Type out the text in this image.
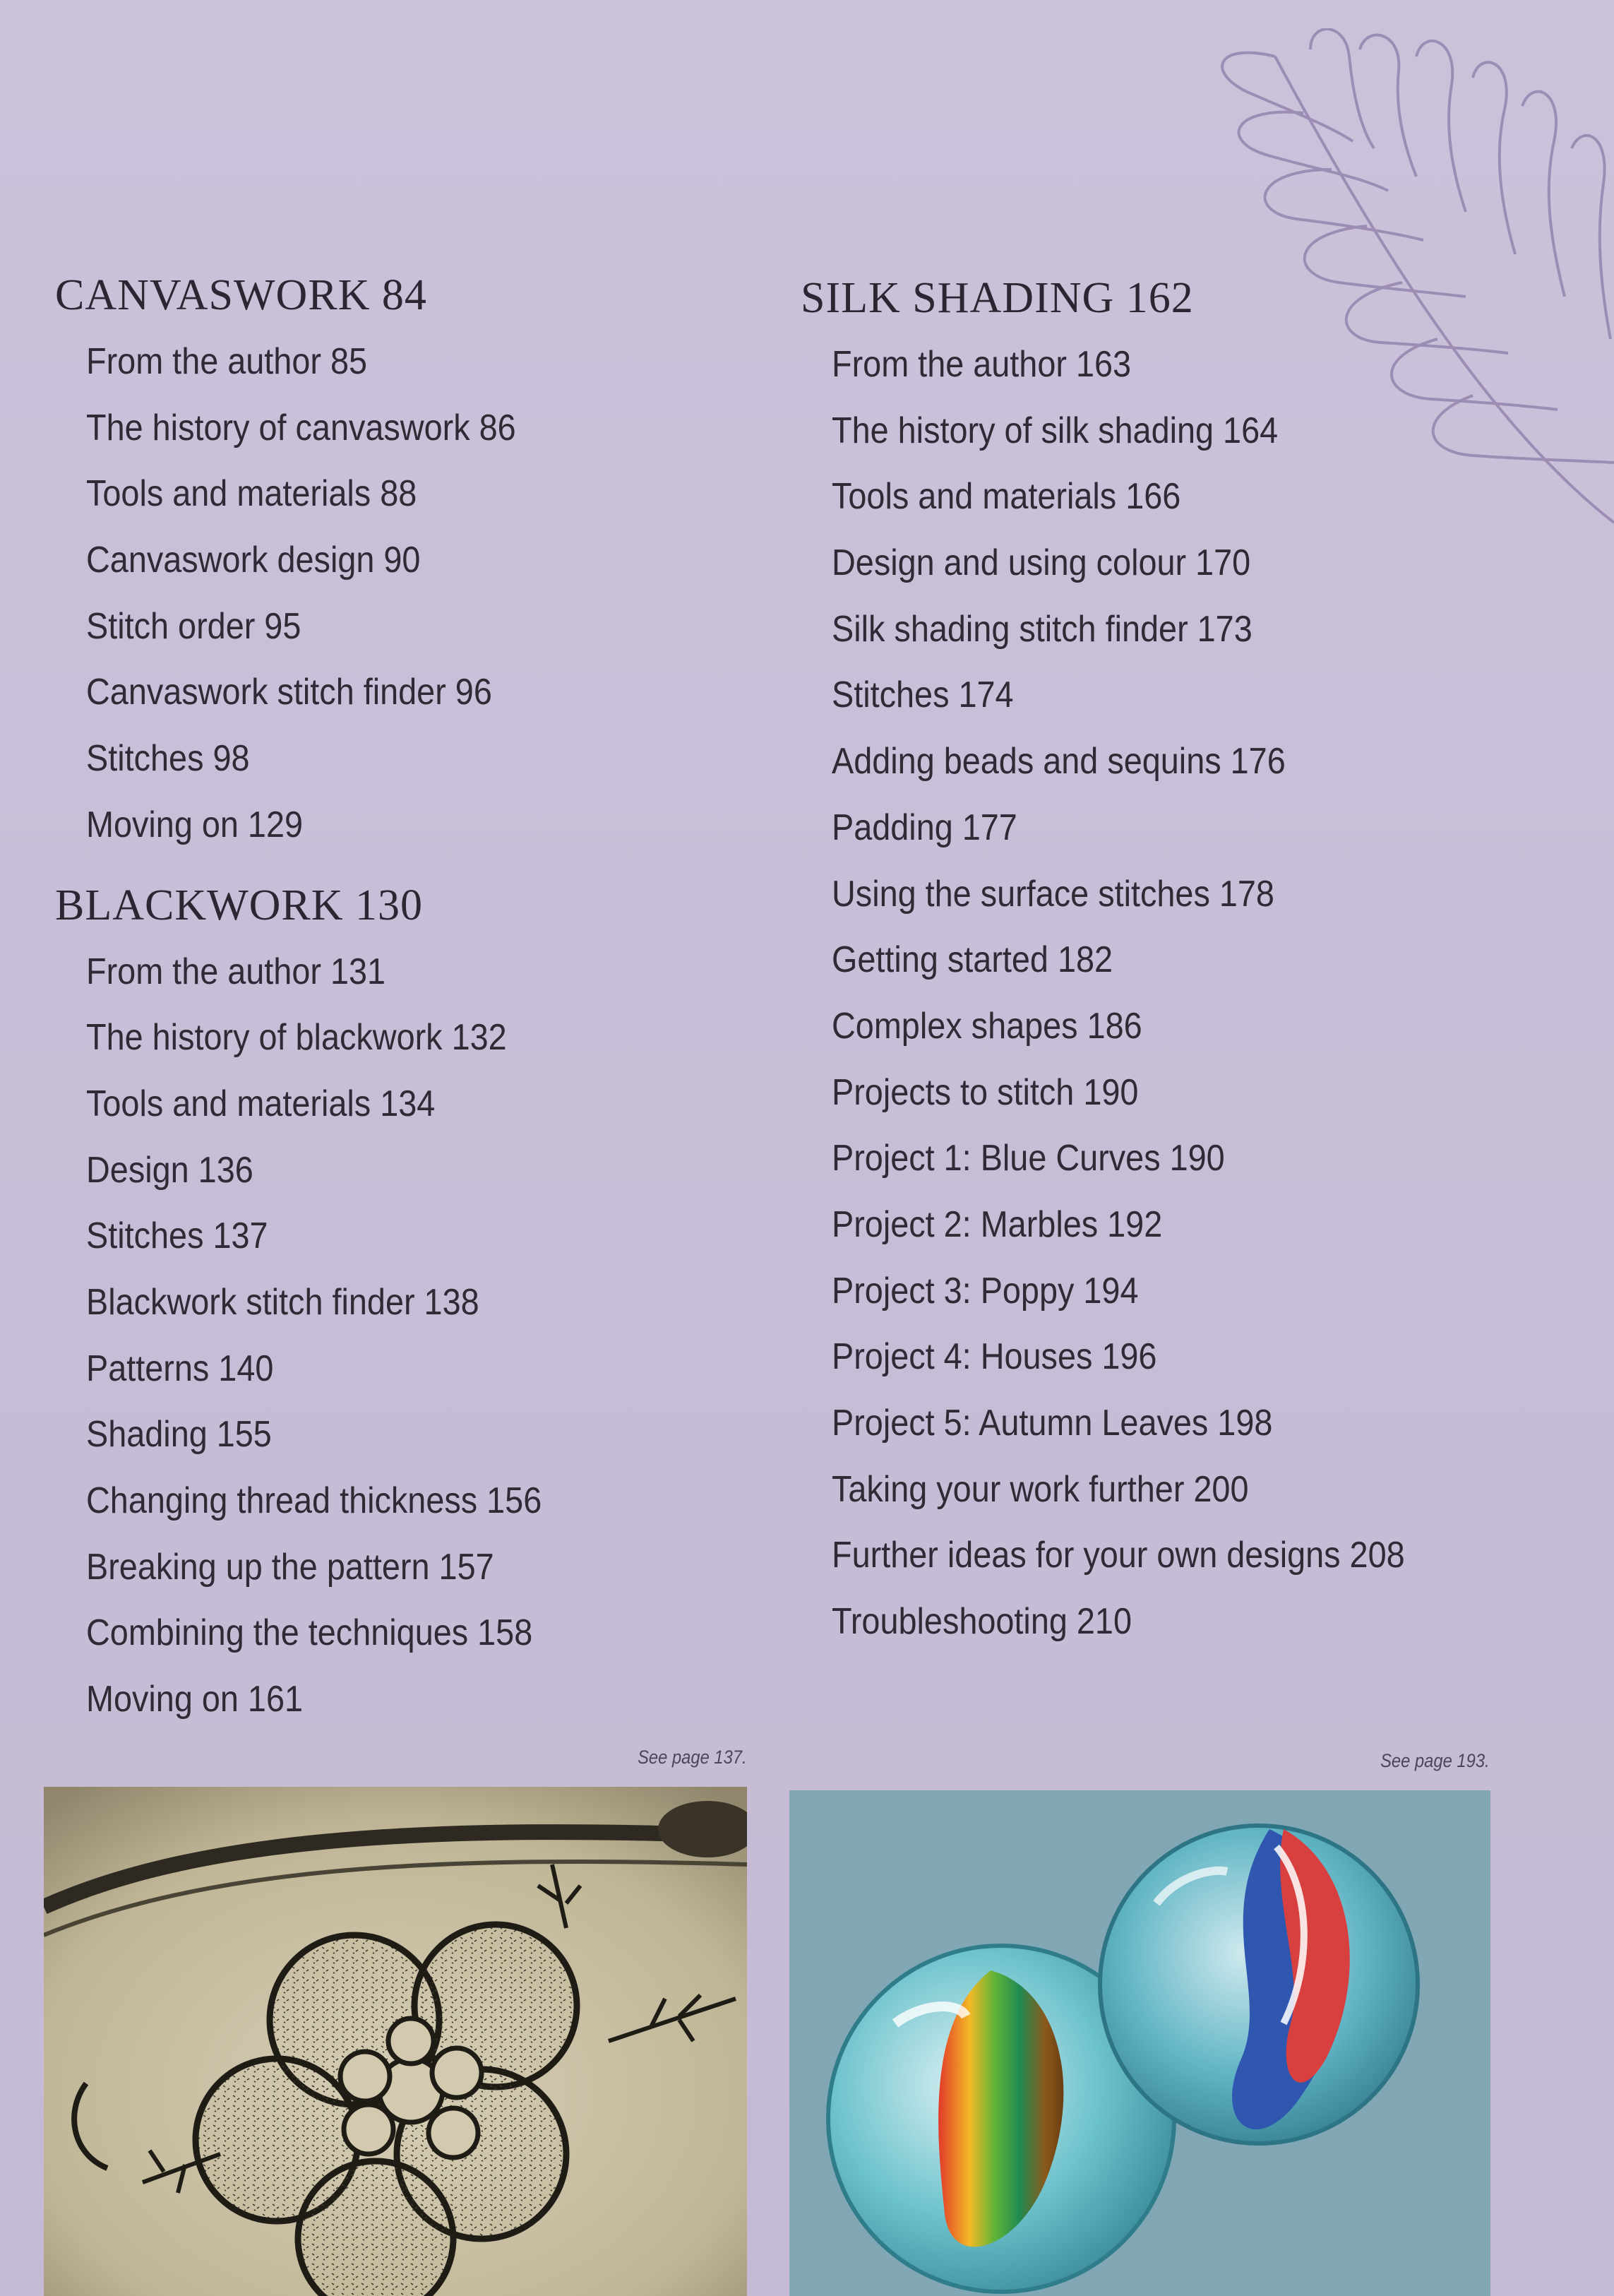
CANVASWORK 84
From the author 85
The history of canvaswork 86
Tools and materials 88
Canvaswork design 90
Stitch order 95
Canvaswork stitch finder 96
Stitches 98
Moving on 129
BLACKWORK 130
From the author 131
The history of blackwork 132
Tools and materials 134
Design 136
Stitches 137
Blackwork stitch finder 138
Patterns 140
Shading 155
Changing thread thickness 156
Breaking up the pattern 157
Combining the techniques 158
Moving on 161
SILK SHADING 162
From the author 163
The history of silk shading 164
Tools and materials 166
Design and using colour 170
Silk shading stitch finder 173
Stitches 174
Adding beads and sequins 176
Padding 177
Using the surface stitches 178
Getting started 182
Complex shapes 186
Projects to stitch 190
Project 1: Blue Curves 190
Project 2: Marbles 192
Project 3: Poppy 194
Project 4: Houses 196
Project 5: Autumn Leaves 198
Taking your work further 200
Further ideas for your own designs 208
Troubleshooting 210
See page 137.	See page 193.
